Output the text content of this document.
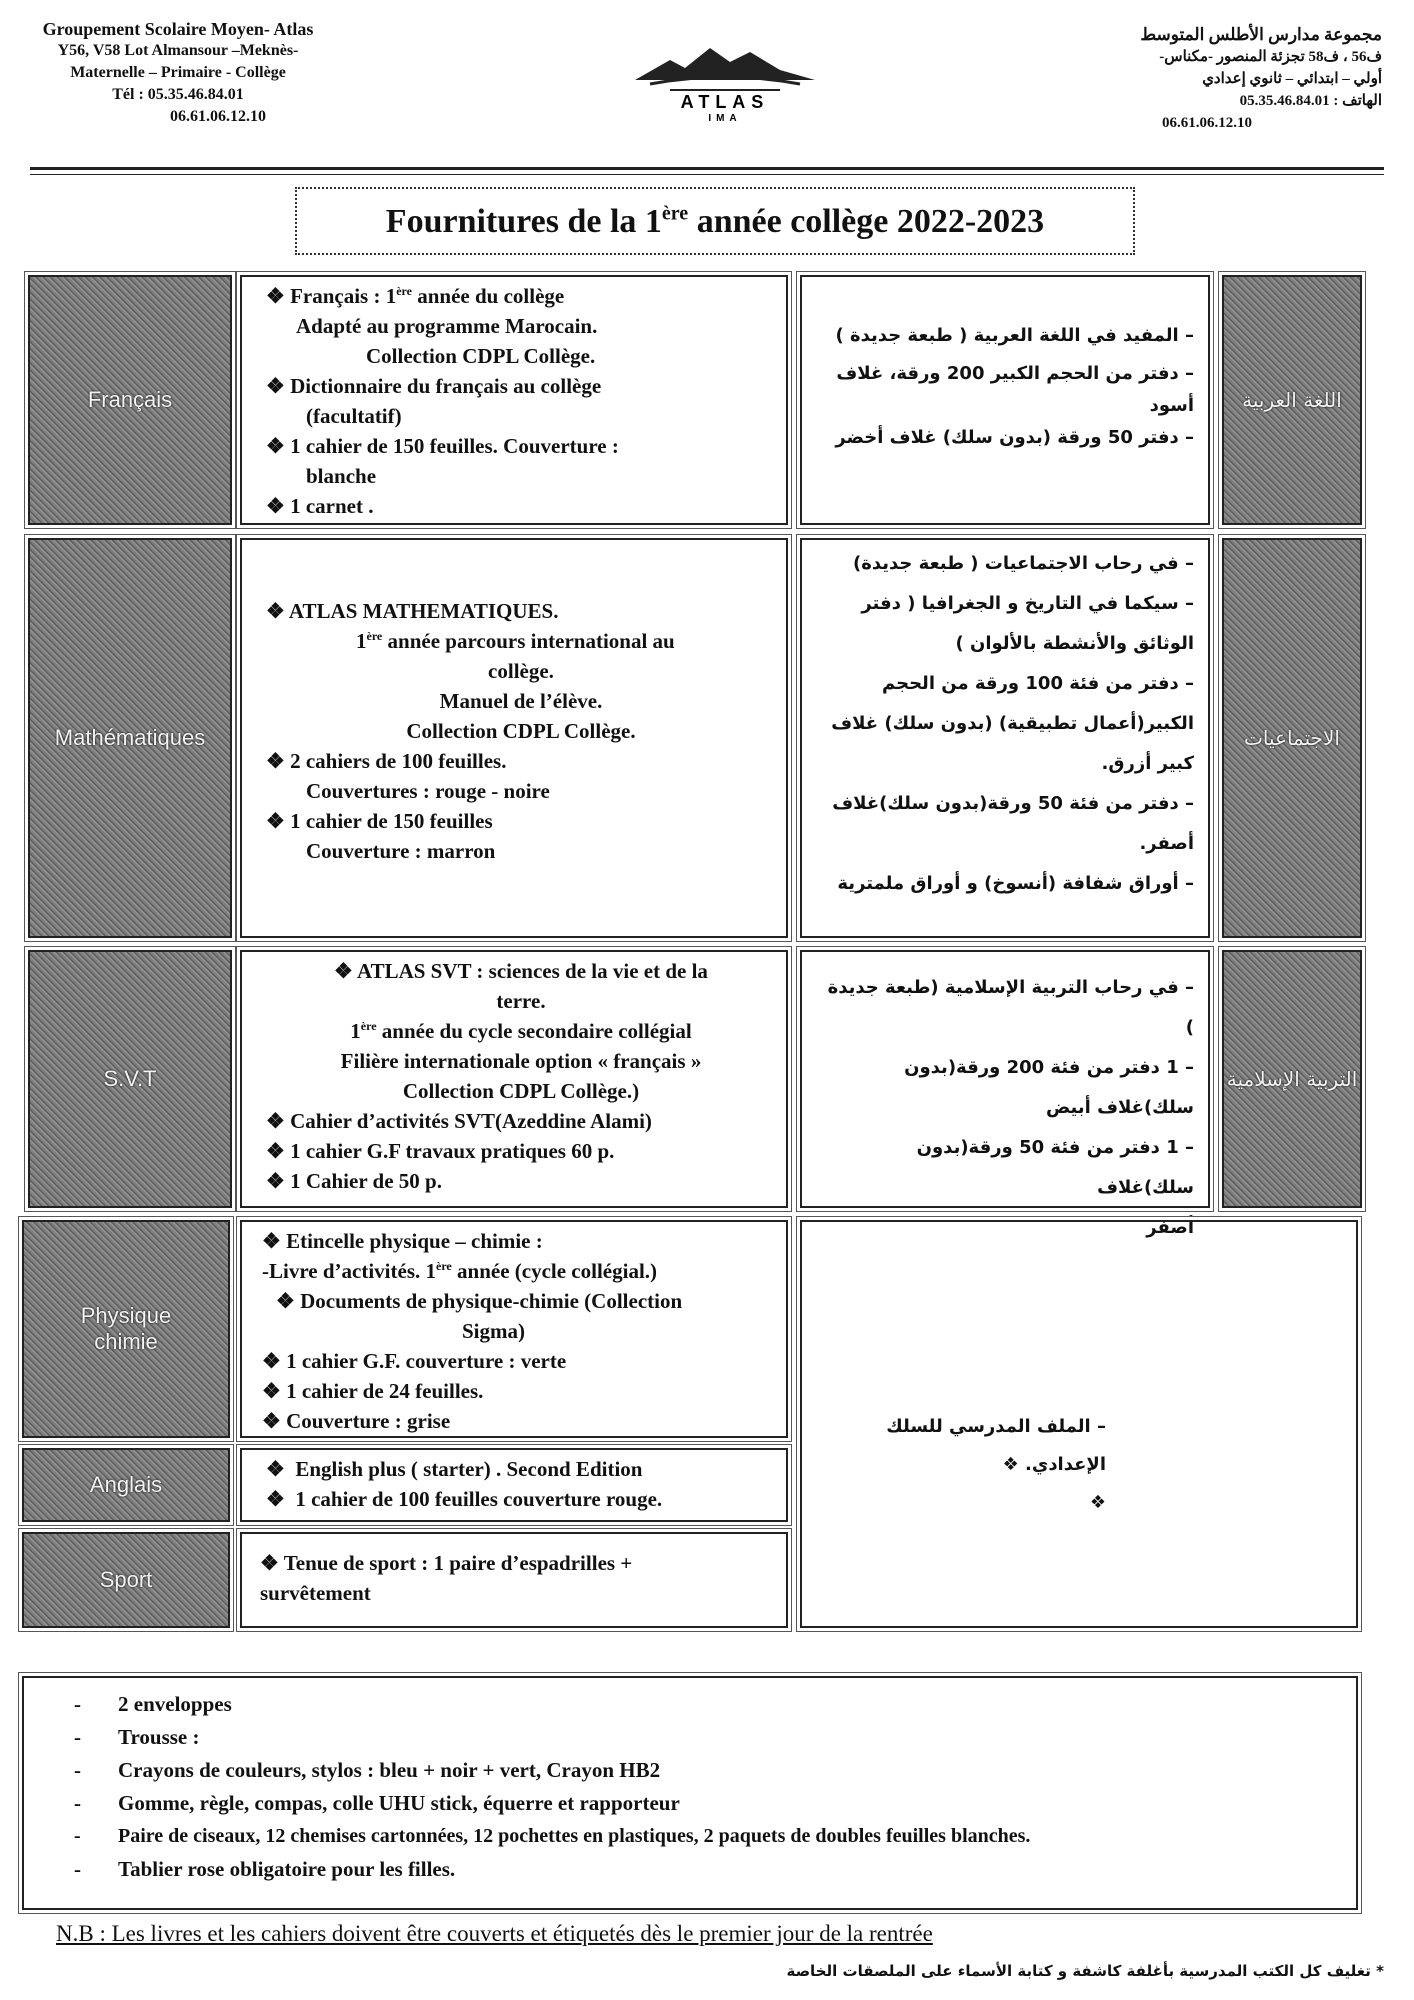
Groupement Scolaire Moyen- Atlas
Y56, V58 Lot Almansour –Meknès-
Maternelle – Primaire - Collège
Tél : 05.35.46.84.01
06.61.06.12.10
ATLAS
IMA
مجموعة مدارس الأطلس المتوسط
ف56 ، ف58 تجزئة المنصور -مكناس-
أولي – ابتدائي – ثانوي إعدادي
الهاتف : 05.35.46.84.01
06.61.06.12.10
Fournitures de la 1ère année collège 2022-2023
Français
Mathématiques
S.V.T
Physique
chimie
Anglais
Sport

❖ Français : 1ère année du collège

Adapté au programme Marocain.

Collection CDPL Collège.

❖ Dictionnaire du français au collège

(facultatif)

❖ 1 cahier de 150 feuilles. Couverture :

blanche

❖ 1 carnet .

❖ ATLAS MATHEMATIQUES.

1ère année parcours international au

collège.

Manuel de l’élève.

Collection CDPL Collège.

❖ 2 cahiers de 100 feuilles.

Couvertures : rouge - noire

❖ 1 cahier de 150 feuilles

Couverture : marron

❖ ATLAS SVT : sciences de la vie et de la

terre.

1ère année du cycle secondaire collégial

Filière internationale option « français »

Collection CDPL Collège.)

❖ Cahier d’activités SVT(Azeddine Alami)

❖ 1 cahier G.F travaux pratiques 60 p.

❖ 1 Cahier de 50 p.

❖ Etincelle physique – chimie :

-Livre d’activités. 1ère année (cycle collégial.)

❖ Documents de physique-chimie (Collection

Sigma)

❖ 1 cahier G.F. couverture : verte

❖ 1 cahier de 24 feuilles.

❖ Couverture : grise

❖ English plus ( starter) . Second Edition

❖ 1 cahier de 100 feuilles couverture rouge.

❖ Tenue de sport : 1 paire d’espadrilles +

survêtement

– المفيد في اللغة العربية ( طبعة جديدة )

– دفتر من الحجم الكبير 200 ورقة، غلاف

أسود

– دفتر 50 ورقة (بدون سلك) غلاف أخضر

– في رحاب الاجتماعيات ( طبعة جديدة)

– سيكما في التاريخ و الجغرافيا ( دفتر

الوثائق والأنشطة بالألوان )

– دفتر من فئة 100 ورقة من الحجم

الكبير(أعمال تطبيقية) (بدون سلك) غلاف

كبير أزرق.

– دفتر من فئة 50 ورقة(بدون سلك)غلاف

أصفر.

– أوراق شفافة (أنسوخ) و أوراق ملمترية

– في رحاب التربية الإسلامية (طبعة جديدة )

– 1 دفتر من فئة 200 ورقة(بدون

سلك)غلاف أبيض

– 1 دفتر من فئة 50 ورقة(بدون سلك)غلاف

أصفر

– الملف المدرسي للسلك الإعدادي. ❖

❖

اللغة العربية
الاجتماعيات
التربية الإسلامية
- 2 enveloppes
- Trousse :
- Crayons de couleurs, stylos : bleu + noir + vert, Crayon HB2
- Gomme, règle, compas, colle UHU stick, équerre et rapporteur
- Paire de ciseaux, 12 chemises cartonnées, 12 pochettes en plastiques, 2 paquets de doubles feuilles blanches.
- Tablier rose obligatoire pour les filles.
N.B : Les livres et les cahiers doivent être couverts et étiquetés dès le premier jour de la rentrée
* تغليف كل الكتب المدرسية بأغلفة كاشفة و كتابة الأسماء على الملصقات الخاصة
